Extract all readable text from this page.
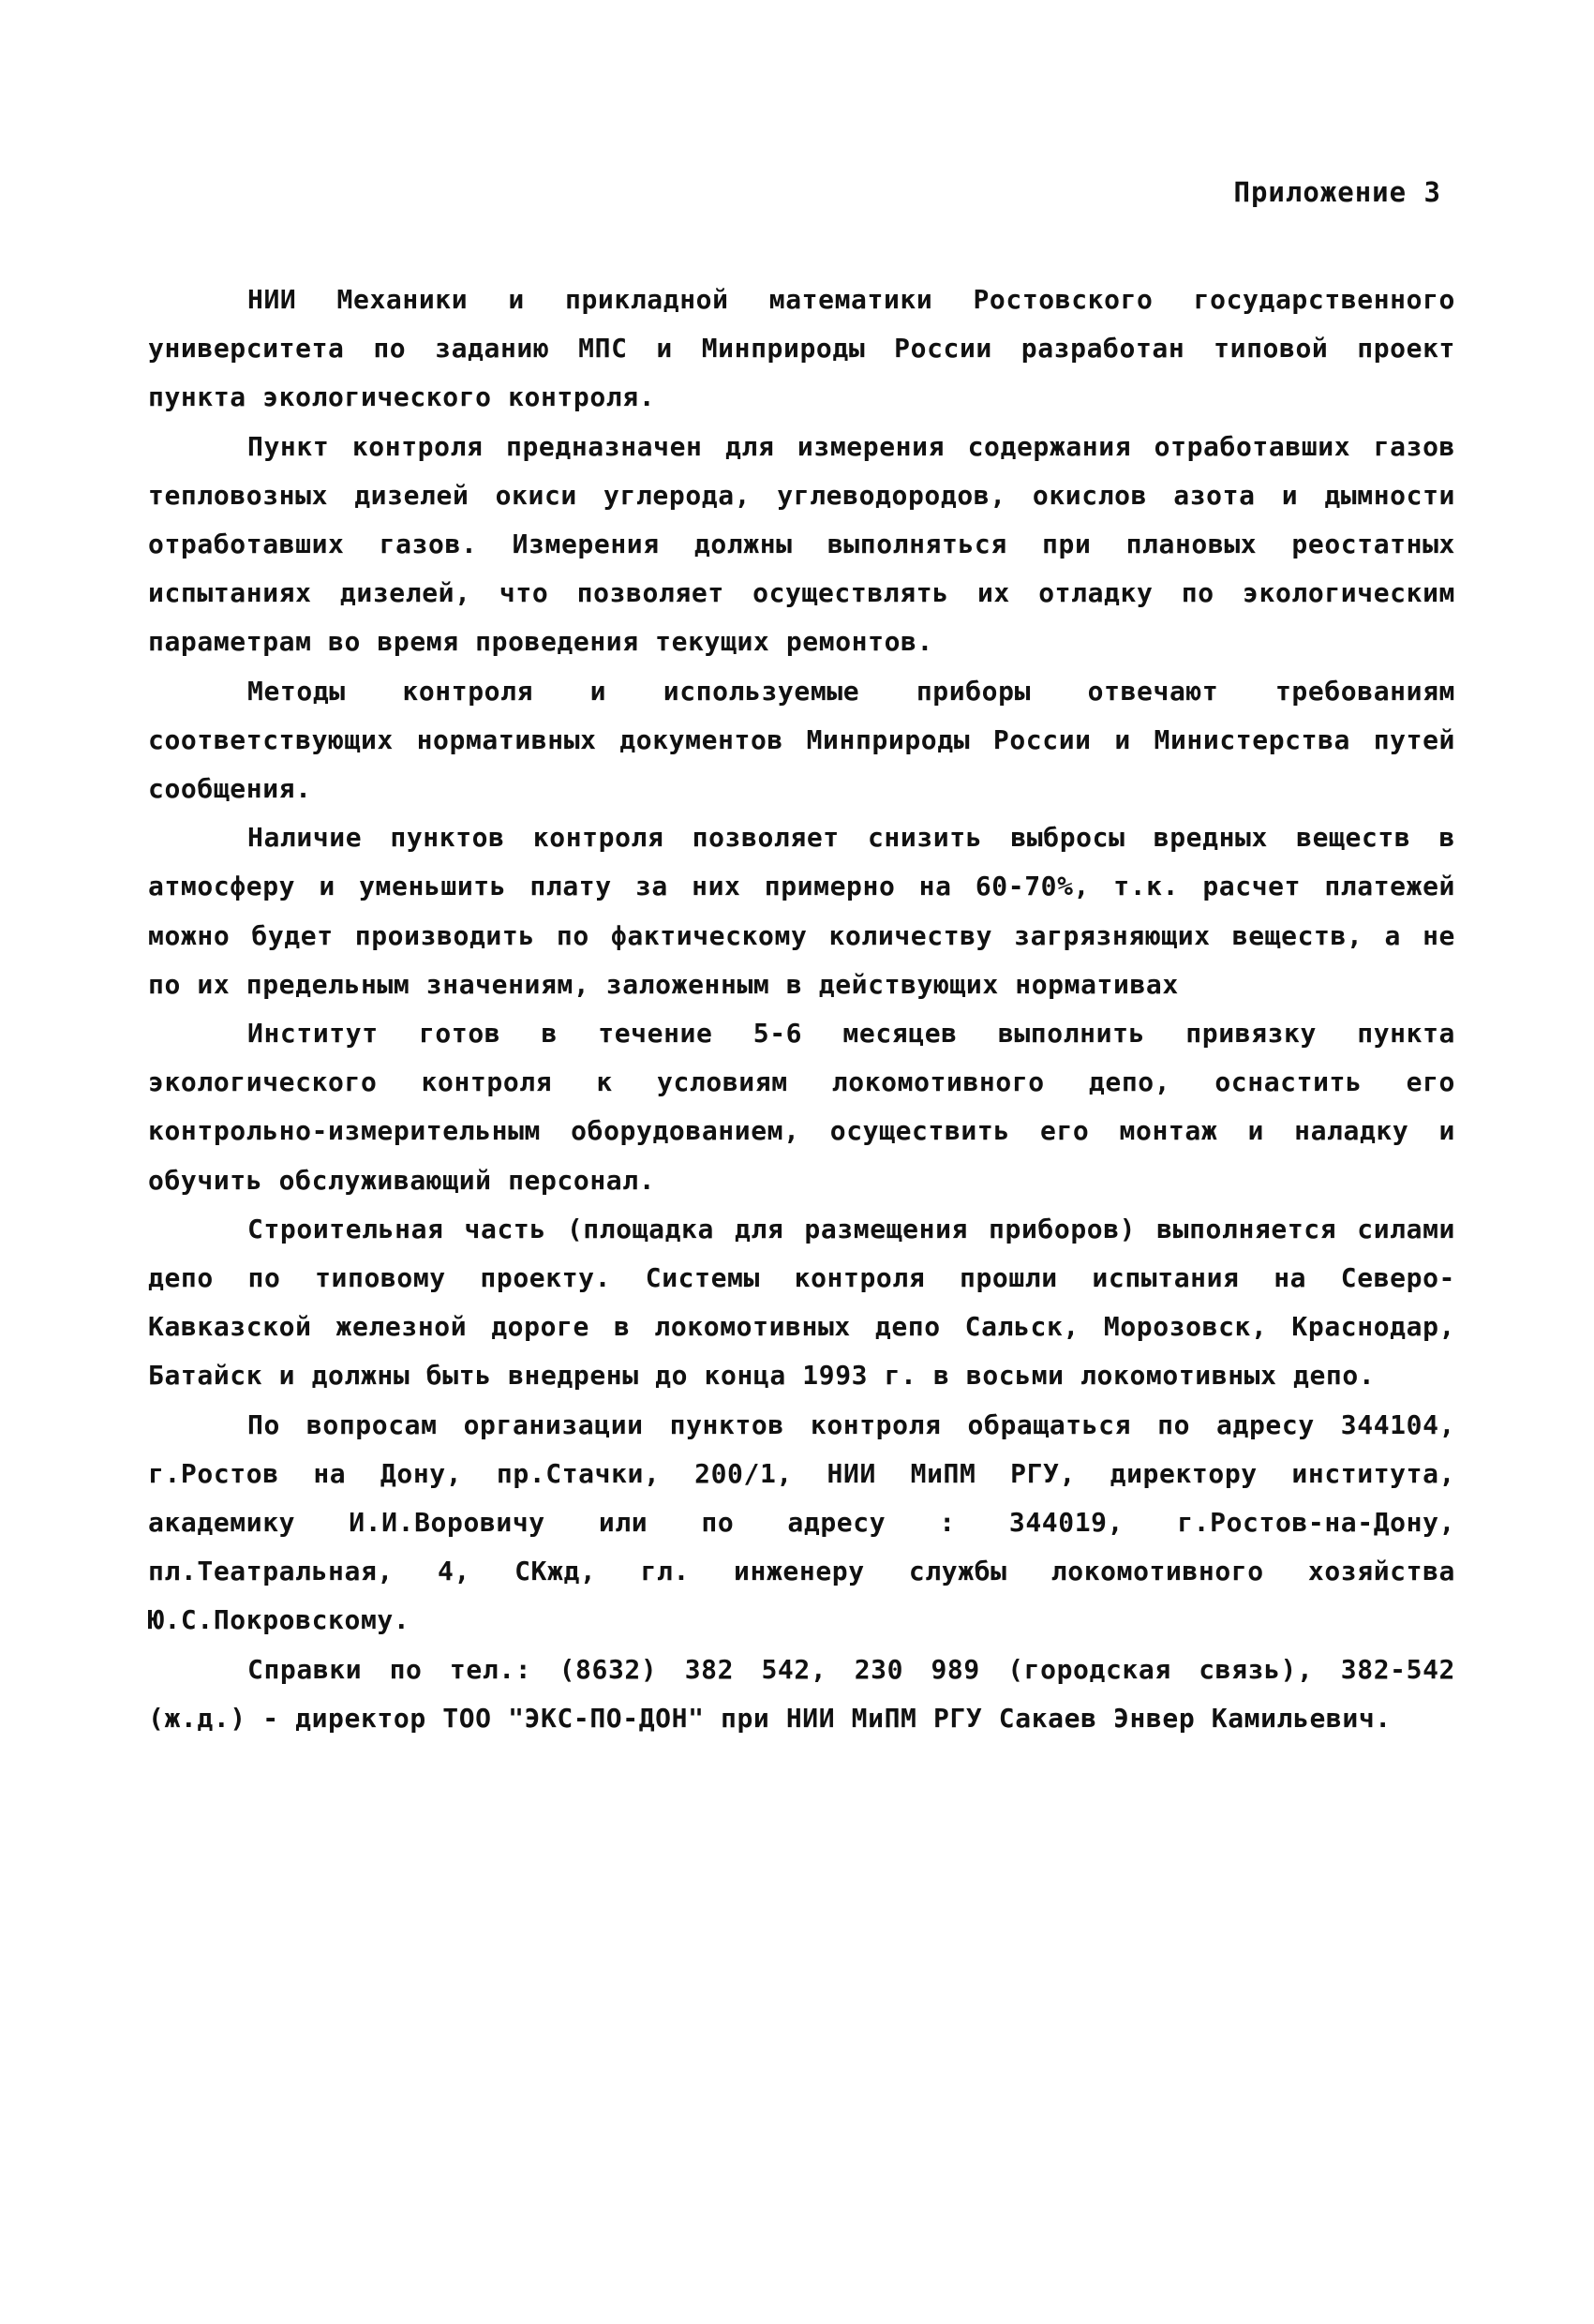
Приложение 3

НИИ Механики и прикладной математики Ростовского государственного университета по заданию МПС и Минприроды России разработан типовой проект пункта экологического контроля.

Пункт контроля предназначен для измерения содержания отработавших газов тепловозных дизелей окиси углерода, углеводородов, окислов азота и дымности отработавших газов. Измерения должны выполняться при плановых реостатных испытаниях дизелей, что позволяет осуществлять их отладку по экологическим параметрам во время проведения текущих ремонтов.

Методы контроля и используемые приборы отвечают требованиям соответствующих нормативных документов Минприроды России и Министерства путей сообщения.

Наличие пунктов контроля позволяет снизить выбросы вредных веществ в атмосферу и уменьшить плату за них примерно на 60-70%, т.к. расчет платежей можно будет производить по фактическому количеству загрязняющих веществ, а не по их предельным значениям, заложенным в действующих нормативах

Институт готов в течение 5-6 месяцев выполнить привязку пункта экологического контроля к условиям локомотивного депо, оснастить его контрольно-измерительным оборудованием, осуществить его монтаж и наладку и обучить обслуживающий персонал.

Строительная часть (площадка для размещения приборов) выполняется силами депо по типовому проекту. Системы контроля прошли испытания на Северо-Кавказской железной дороге в локомотивных депо Сальск, Морозовск, Краснодар, Батайск и должны быть внедрены до конца 1993 г. в восьми локомотивных депо.

По вопросам организации пунктов контроля обращаться по адресу 344104, г.Ростов на Дону, пр.Стачки, 200/1, НИИ МиПМ РГУ, директору института, академику И.И.Воровичу или по адресу : 344019, г.Ростов-на-Дону, пл.Театральная, 4, СКжд, гл. инженеру службы локомотивного хозяйства Ю.С.Покровскому.

Справки по тел.: (8632) 382 542, 230 989 (городская связь), 382-542 (ж.д.) - директор ТОО "ЭКС-ПО-ДОН" при НИИ МиПМ РГУ Сакаев Энвер Камильевич.
